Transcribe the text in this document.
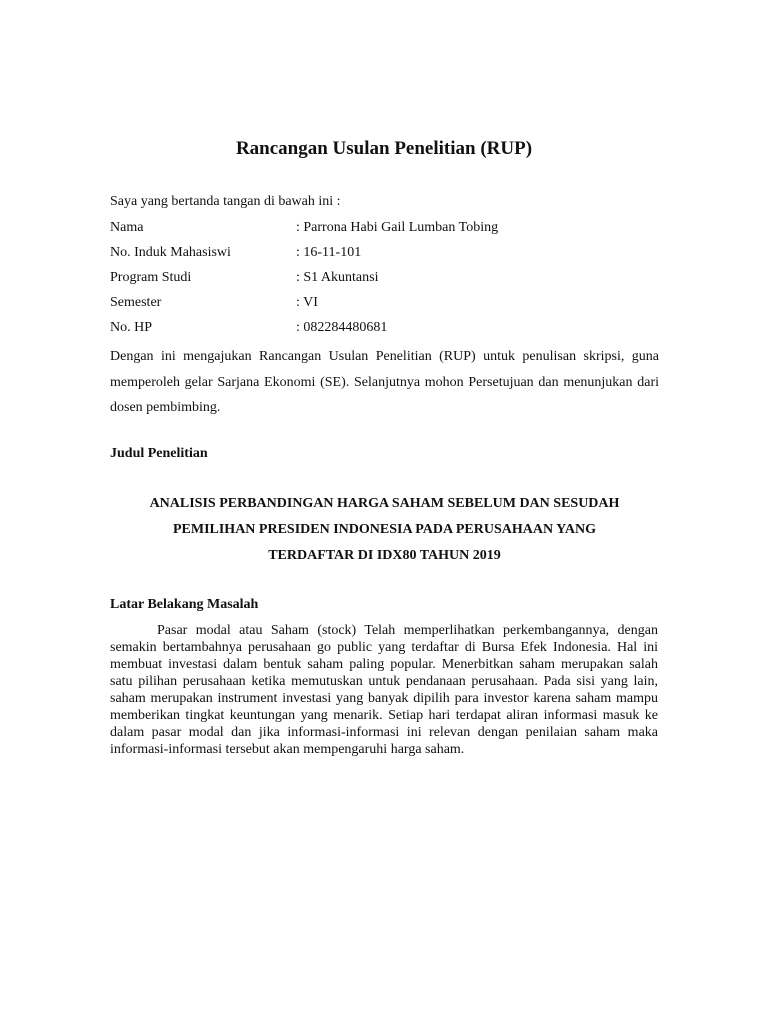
Rancangan Usulan Penelitian (RUP)

Saya yang bertanda tangan di bawah ini :

Nama	: Parrona Habi Gail Lumban Tobing
No. Induk Mahasiswi	: 16-11-101
Program Studi	: S1 Akuntansi
Semester	: VI
No. HP	: 082284480681

Dengan ini mengajukan Rancangan Usulan Penelitian (RUP) untuk penulisan skripsi, guna memperoleh gelar Sarjana Ekonomi (SE). Selanjutnya mohon Persetujuan dan menunjukan dari dosen pembimbing.

Judul Penelitian

ANALISIS PERBANDINGAN HARGA SAHAM SEBELUM DAN SESUDAH
PEMILIHAN PRESIDEN INDONESIA PADA PERUSAHAAN YANG
TERDAFTAR DI IDX80 TAHUN 2019

Latar Belakang Masalah

Pasar modal atau Saham (stock) Telah memperlihatkan perkembangannya, dengan semakin bertambahnya perusahaan go public yang terdaftar di Bursa Efek Indonesia. Hal ini membuat investasi dalam bentuk saham paling popular. Menerbitkan saham merupakan salah satu pilihan perusahaan ketika memutuskan untuk pendanaan perusahaan. Pada sisi yang lain, saham merupakan instrument investasi yang banyak dipilih para investor karena saham mampu memberikan tingkat keuntungan yang menarik. Setiap hari terdapat aliran informasi masuk ke dalam pasar modal dan jika informasi-informasi ini relevan dengan penilaian saham maka informasi-informasi tersebut akan mempengaruhi harga saham.
